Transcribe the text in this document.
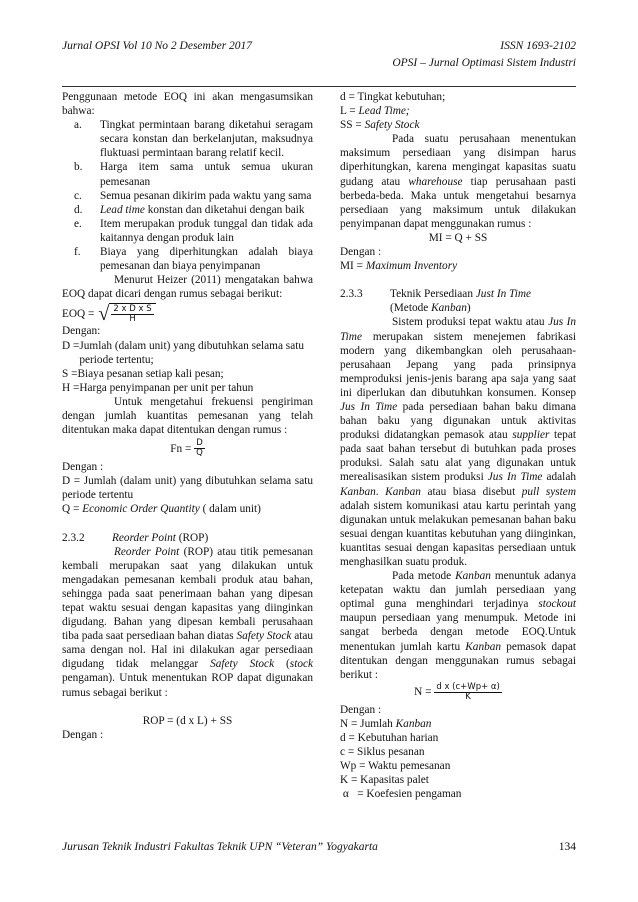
Jurnal OPSI Vol 10 No 2 Desember 2017	ISSN 1693-2102
OPSI – Jurnal Optimasi Sistem Industri

Penggunaan metode EOQ ini akan mengasumsikan bahwa:

a.	Tingkat permintaan barang diketahui seragam secara konstan dan berkelanjutan, maksudnya fluktuasi permintaan barang relatif kecil.
b.	Harga item sama untuk semua ukuran pemesanan
c.	Semua pesanan dikirim pada waktu yang sama
d.	Lead time konstan dan diketahui dengan baik
e.	Item merupakan produk tunggal dan tidak ada kaitannya dengan produk lain
f.	Biaya yang diperhitungkan adalah biaya pemesanan dan biaya penyimpanan

Menurut Heizer (2011) mengatakan bahwa EOQ dapat dicari dengan rumus sebagai berikut:

EOQ = √ $\frac{\text{2 x D x S}}{H}$

Dengan:

D = Jumlah (dalam unit) yang dibutuhkan selama satu periode tertentu;
S = Biaya pesanan setiap kali pesan;
H = Harga penyimpanan per unit per tahun

Untuk mengetahui frekuensi pengiriman dengan jumlah kuantitas pemesanan yang telah ditentukan maka dapat ditentukan dengan rumus :

Fn =
$\frac{D}{Q}$

Dengan :

D = Jumlah (dalam unit) yang dibutuhkan selama satu periode tertentu

Q = Economic Order Quantity ( dalam unit)

2.3.2	Reorder Point (ROP)

Reorder Point (ROP) atau titik pemesanan kembali merupakan saat yang dilakukan untuk mengadakan pemesanan kembali produk atau bahan, sehingga pada saat penerimaan bahan yang dipesan tepat waktu sesuai dengan kapasitas yang diinginkan digudang. Bahan yang dipesan kembali perusahaan tiba pada saat persediaan bahan diatas Safety Stock atau sama dengan nol. Hal ini dilakukan agar persediaan digudang tidak melanggar Safety Stock (stock pengaman). Untuk menentukan ROP dapat digunakan rumus sebagai berikut :

ROP = (d x L) + SS

Dengan :

d = Tingkat kebutuhan;

L = Lead Time;

SS = Safety Stock

Pada suatu perusahaan menentukan maksimum persediaan yang disimpan harus diperhitungkan, karena mengingat kapasitas suatu gudang atau wharehouse tiap perusahaan pasti berbeda-beda. Maka untuk mengetahui besarnya persediaan yang maksimum untuk dilakukan penyimpanan dapat menggunakan rumus :

MI = Q + SS

Dengan :

MI = Maximum Inventory

2.3.3	Teknik Persediaan Just In Time
(Metode Kanban)

Sistem produksi tepat waktu atau Jus In Time merupakan sistem menejemen fabrikasi modern yang dikembangkan oleh perusahaan-perusahaan Jepang yang pada prinsipnya memproduksi jenis-jenis barang apa saja yang saat ini diperlukan dan dibutuhkan konsumen. Konsep Jus In Time pada persediaan bahan baku dimana bahan baku yang digunakan untuk aktivitas produksi didatangkan pemasok atau supplier tepat pada saat bahan tersebut di butuhkan pada proses produksi. Salah satu alat yang digunakan untuk merealisasikan sistem produksi Jus In Time adalah Kanban. Kanban atau biasa disebut pull system adalah sistem komunikasi atau kartu perintah yang digunakan untuk melakukan pemesanan bahan baku sesuai dengan kuantitas kebutuhan yang diinginkan, kuantitas sesuai dengan kapasitas persediaan untuk menghasilkan suatu produk.

Pada metode Kanban menuntuk adanya ketepatan waktu dan jumlah persediaan yang optimal guna menghindari terjadinya stockout maupun persediaan yang menumpuk. Metode ini sangat berbeda dengan metode EOQ.Untuk menentukan jumlah kartu Kanban pemasok dapat ditentukan dengan menggunakan rumus sebagai berikut :

N =
$\frac{\text{d x (c+Wp+ α)}}{K}$

Dengan :

N = Jumlah Kanban

d = Kebutuhan harian

c = Siklus pesanan

Wp = Waktu pemesanan

K = Kapasitas palet

α   = Koefesien pengaman

Jurusan Teknik Industri Fakultas Teknik UPN “Veteran” Yogyakarta	134
